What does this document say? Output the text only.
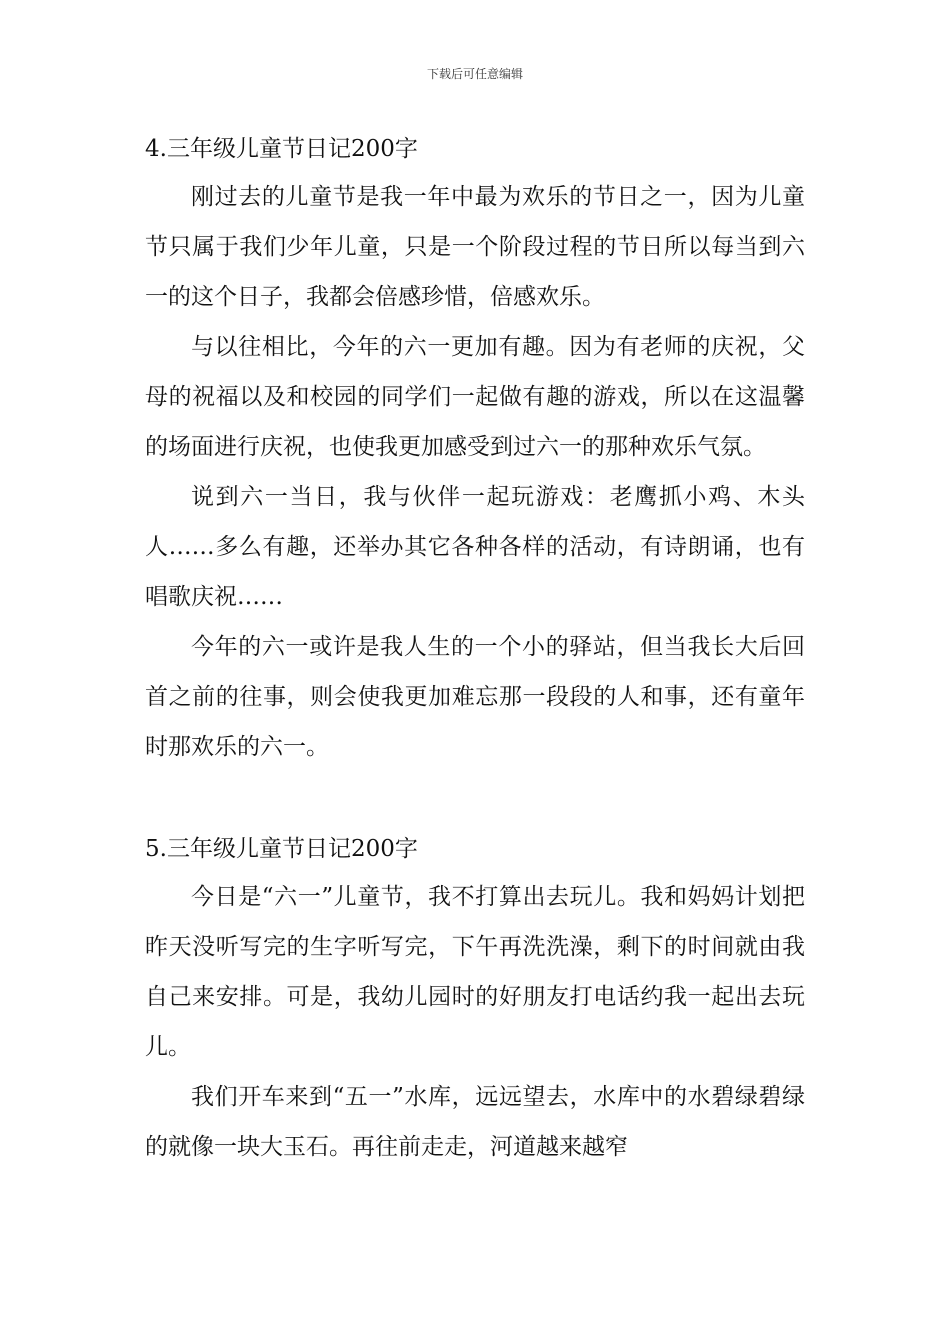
下载后可任意编辑
4.三年级儿童节日记200字

刚过去的儿童节是我一年中最为欢乐的节日之一，因为儿童节只属于我们少年儿童，只是一个阶段过程的节日所以每当到六一的这个日子，我都会倍感珍惜，倍感欢乐。

与以往相比，今年的六一更加有趣。因为有老师的庆祝，父母的祝福以及和校园的同学们一起做有趣的游戏，所以在这温馨的场面进行庆祝，也使我更加感受到过六一的那种欢乐气氛。

说到六一当日，我与伙伴一起玩游戏：老鹰抓小鸡、木头人……多么有趣，还举办其它各种各样的活动，有诗朗诵，也有唱歌庆祝……

今年的六一或许是我人生的一个小的驿站，但当我长大后回首之前的往事，则会使我更加难忘那一段段的人和事，还有童年时那欢乐的六一。

5.三年级儿童节日记200字

今日是“六一”儿童节，我不打算出去玩儿。我和妈妈计划把昨天没听写完的生字听写完，下午再洗洗澡，剩下的时间就由我自己来安排。可是，我幼儿园时的好朋友打电话约我一起出去玩儿。

我们开车来到“五一”水库，远远望去，水库中的水碧绿碧绿的就像一块大玉石。再往前走走，河道越来越窄
